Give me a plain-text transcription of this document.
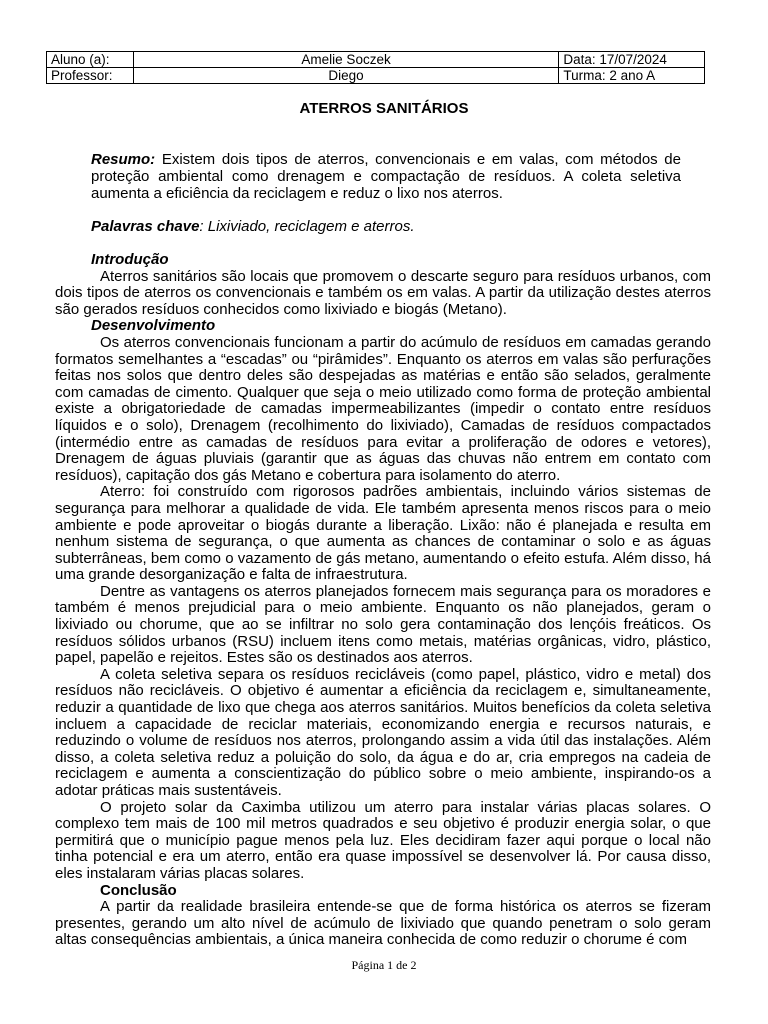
Aluno (a):	Amelie Soczek	Data: 17/07/2024
Professor:	Diego	Turma: 2 ano A
ATERROS SANITÁRIOS
Resumo: Existem dois tipos de aterros, convencionais e em valas, com métodos de proteção ambiental como drenagem e compactação de resíduos. A coleta seletiva aumenta a eficiência da reciclagem e reduz o lixo nos aterros.
Palavras chave: Lixiviado, reciclagem e aterros.
Introdução

Aterros sanitários são locais que promovem o descarte seguro para resíduos urbanos, com dois tipos de aterros os convencionais e também os em valas. A partir da utilização destes aterros são gerados resíduos conhecidos como lixiviado e biogás (Metano).

Desenvolvimento

Os aterros convencionais funcionam a partir do acúmulo de resíduos em camadas gerando formatos semelhantes a “escadas” ou “pirâmides”. Enquanto os aterros em valas são perfurações feitas nos solos que dentro deles são despejadas as matérias e então são selados, geralmente com camadas de cimento. Qualquer que seja o meio utilizado como forma de proteção ambiental existe a obrigatoriedade de camadas impermeabilizantes (impedir o contato entre resíduos líquidos e o solo), Drenagem (recolhimento do lixiviado), Camadas de resíduos compactados (intermédio entre as camadas de resíduos para evitar a proliferação de odores e vetores), Drenagem de águas pluviais (garantir que as águas das chuvas não entrem em contato com resíduos), capitação dos gás Metano e cobertura para isolamento do aterro.

Aterro: foi construído com rigorosos padrões ambientais, incluindo vários sistemas de segurança para melhorar a qualidade de vida. Ele também apresenta menos riscos para o meio ambiente e pode aproveitar o biogás durante a liberação. Lixão: não é planejada e resulta em nenhum sistema de segurança, o que aumenta as chances de contaminar o solo e as águas subterrâneas, bem como o vazamento de gás metano, aumentando o efeito estufa. Além disso, há uma grande desorganização e falta de infraestrutura.

Dentre as vantagens os aterros planejados fornecem mais segurança para os moradores e também é menos prejudicial para o meio ambiente. Enquanto os não planejados, geram o lixiviado ou chorume, que ao se infiltrar no solo gera contaminação dos lençóis freáticos. Os resíduos sólidos urbanos (RSU) incluem itens como metais, matérias orgânicas, vidro, plástico, papel, papelão e rejeitos. Estes são os destinados aos aterros.

A coleta seletiva separa os resíduos recicláveis (como papel, plástico, vidro e metal) dos resíduos não recicláveis. O objetivo é aumentar a eficiência da reciclagem e, simultaneamente, reduzir a quantidade de lixo que chega aos aterros sanitários. Muitos benefícios da coleta seletiva incluem a capacidade de reciclar materiais, economizando energia e recursos naturais, e reduzindo o volume de resíduos nos aterros, prolongando assim a vida útil das instalações. Além disso, a coleta seletiva reduz a poluição do solo, da água e do ar, cria empregos na cadeia de reciclagem e aumenta a conscientização do público sobre o meio ambiente, inspirando-os a adotar práticas mais sustentáveis.

O projeto solar da Caximba utilizou um aterro para instalar várias placas solares. O complexo tem mais de 100 mil metros quadrados e seu objetivo é produzir energia solar, o que permitirá que o município pague menos pela luz. Eles decidiram fazer aqui porque o local não tinha potencial e era um aterro, então era quase impossível se desenvolver lá. Por causa disso, eles instalaram várias placas solares.

Conclusão

A partir da realidade brasileira entende-se que de forma histórica os aterros se fizeram presentes, gerando um alto nível de acúmulo de lixiviado que quando penetram o solo geram altas consequências ambientais, a única maneira conhecida de como reduzir o chorume é com

Página 1 de 2
